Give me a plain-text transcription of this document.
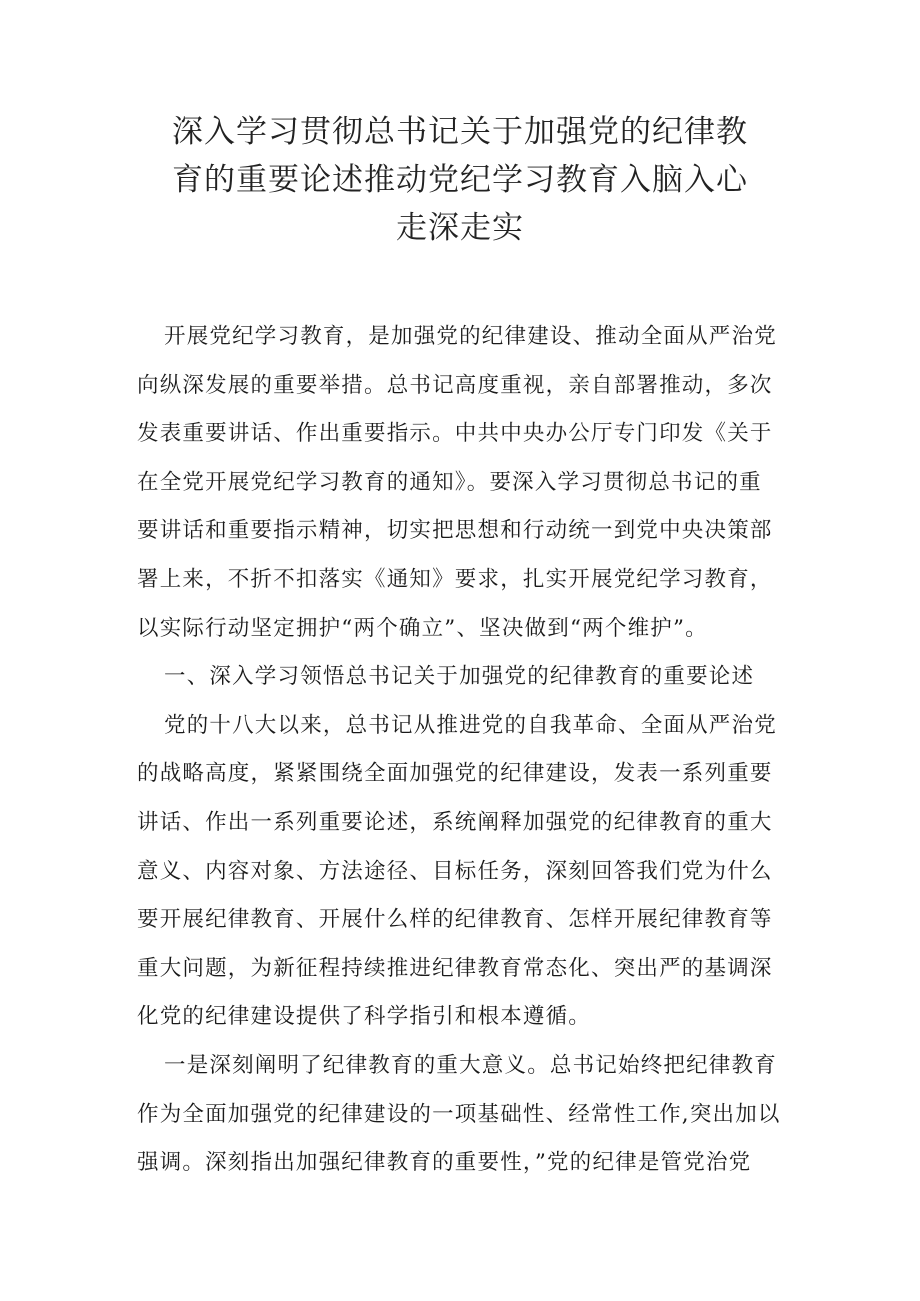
深入学习贯彻总书记关于加强党的纪律教
育的重要论述推动党纪学习教育入脑入心
走深走实

开展党纪学习教育，是加强党的纪律建设、推动全面从严治党
向纵深发展的重要举措。总书记高度重视，亲自部署推动，多次
发表重要讲话、作出重要指示。中共中央办公厅专门印发《关于
在全党开展党纪学习教育的通知》。要深入学习贯彻总书记的重
要讲话和重要指示精神，切实把思想和行动统一到党中央决策部
署上来，不折不扣落实《通知》要求，扎实开展党纪学习教育，
以实际行动坚定拥护“两个确立”、坚决做到“两个维护”。

一、深入学习领悟总书记关于加强党的纪律教育的重要论述

党的十八大以来，总书记从推进党的自我革命、全面从严治党
的战略高度，紧紧围绕全面加强党的纪律建设，发表一系列重要
讲话、作出一系列重要论述，系统阐释加强党的纪律教育的重大
意义、内容对象、方法途径、目标任务，深刻回答我们党为什么
要开展纪律教育、开展什么样的纪律教育、怎样开展纪律教育等
重大问题，为新征程持续推进纪律教育常态化、突出严的基调深
化党的纪律建设提供了科学指引和根本遵循。

一是深刻阐明了纪律教育的重大意义。总书记始终把纪律教育
作为全面加强党的纪律建设的一项基础性、经常性工作,突出加以
强调。深刻指出加强纪律教育的重要性，”党的纪律是管党治党
